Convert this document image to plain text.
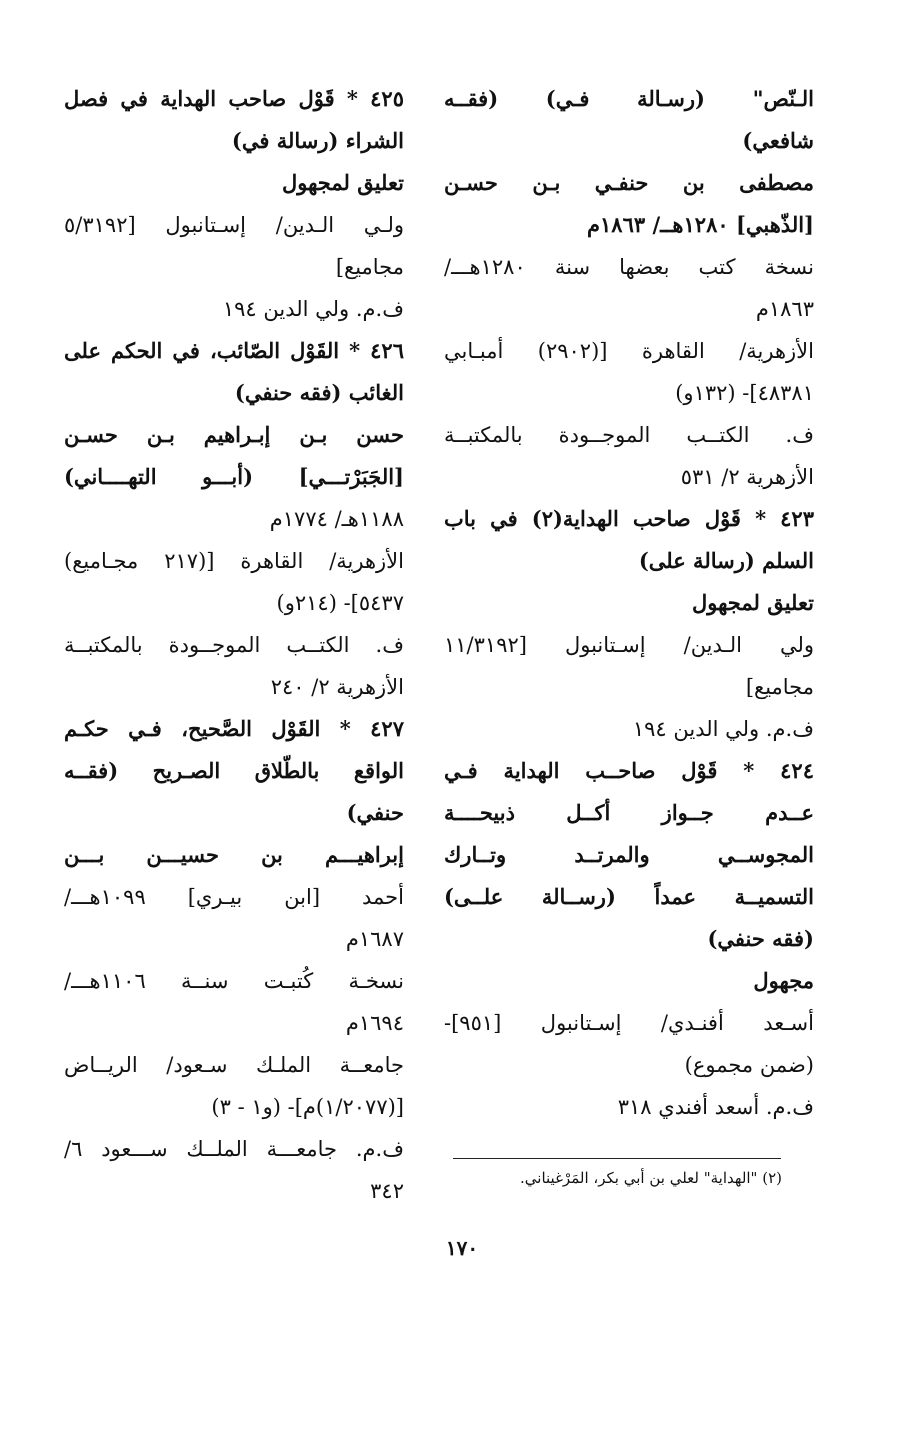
الـنّص" (رسـالة فـي) (فقــه
شافعي)
مصطفى بن حنفـي بـن حسـن
[الذّهبي] ١٢٨٠هــ/ ١٨٦٣م
نسخة كتب بعضها سنة ١٢٨٠هـــ/
١٨٦٣م
الأزهرية/ القاهرة [(٢٩٠٢) أمبـابي
٤٨٣٨١]- (١٣٢و)
ف. الكتــب الموجــودة بالمكتبــة
الأزهرية ٢/ ٥٣١
٤٢٣ * قَوْل صاحب الهداية(٢) في باب
السلم (رسالة على)
تعليق لمجهول
ولي الـدين/ إسـتانبول [١١/٣١٩٢
مجاميع]
ف.م. ولي الدين ١٩٤
٤٢٤ * قَوْل صاحــب الهداية فـي
عــدم جــواز أكــل ذبيحــــة
المجوســي والمرتــد وتــارك
التسميــة عمداً (رســالة علــى)
(فقه حنفي)
مجهول
أسـعد أفنـدي/ إسـتانبول [٩٥١]-
(ضمن مجموع)
ف.م. أسعد أفندي ٣١٨
٤٢٥ * قَوْل صاحب الهداية في فصل
الشراء (رسالة في)
تعليق لمجهول
ولـي الـدين/ إسـتانبول [٥/٣١٩٢
مجاميع]
ف.م. ولي الدين ١٩٤
٤٢٦ * القَوْل الصّائب، في الحكم على
الغائب (فقه حنفي)
حسن بـن إبـراهيم بـن حسـن
[الجَبَرْتـــي] (أبـــو التهــــاني)
١١٨٨هـ/ ١٧٧٤م
الأزهرية/ القاهرة [(٢١٧ مجـاميع)
٥٤٣٧]- (٢١٤و)
ف. الكتــب الموجــودة بالمكتبــة
الأزهرية ٢/ ٢٤٠
٤٢٧ * القَوْل الصَّحيح، فـي حكـم
الواقع بالطّلاق الصـريح (فقــه
حنفي)
إبراهيـــم بن حسيـــن بـــن
أحمد [ابن بيـري] ١٠٩٩هـــ/
١٦٨٧م
نسخـة كُتبـت سنــة ١١٠٦هـــ/
١٦٩٤م
جامعــة الملـك سـعود/ الريــاض
[(١/٢٠٧٧)م]- (و١ - ٣)
ف.م. جامعـــة الملــك ســـعود ٦/
٣٤٢
(٢) "الهداية" لعلي بن أبي بكر، المَرْغيناني.
١٧٠
